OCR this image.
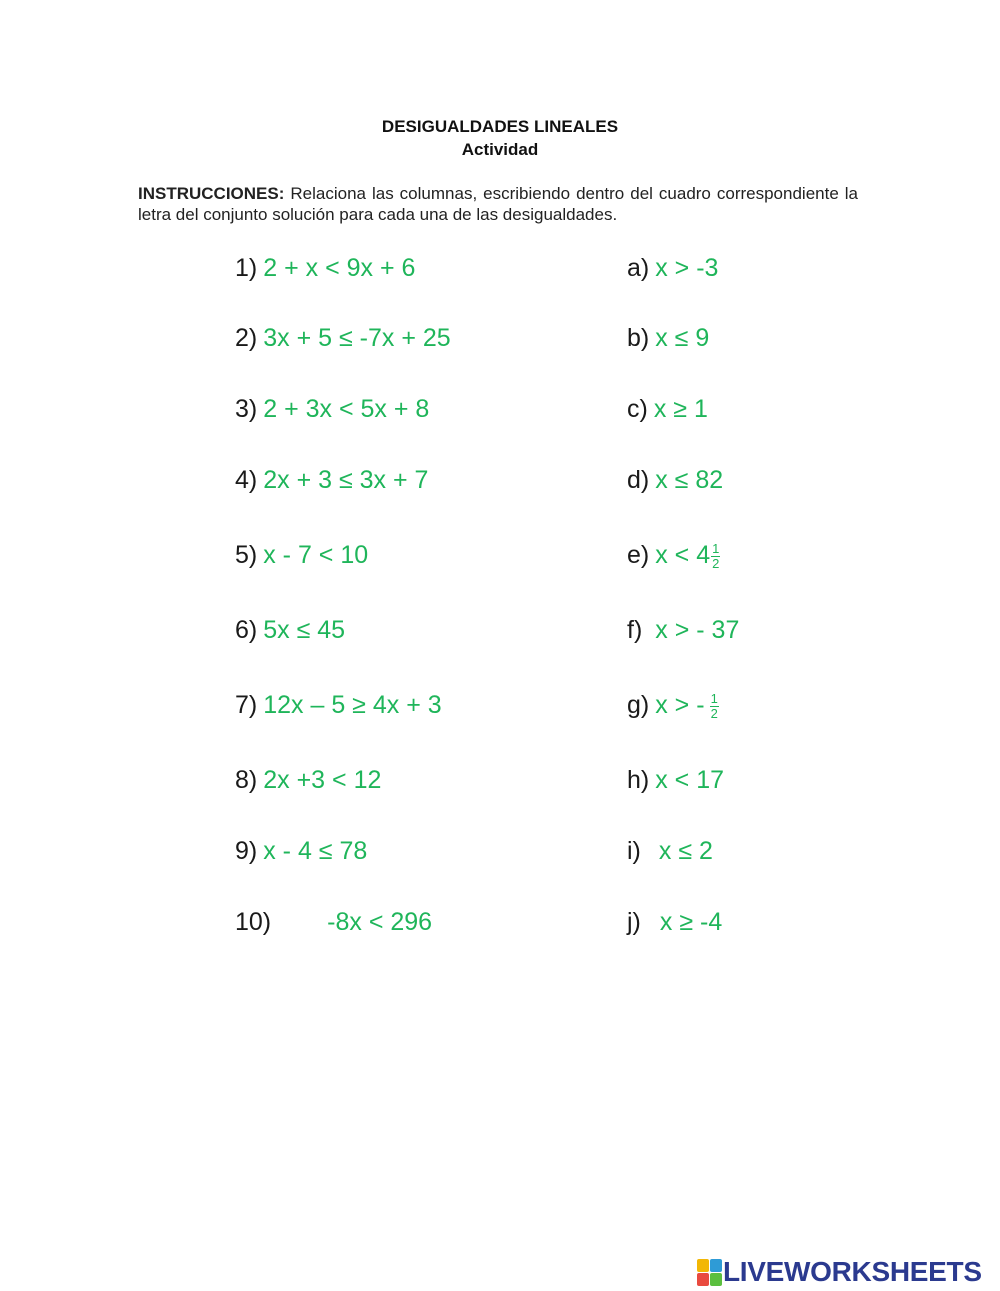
DESIGUALDADES LINEALES
Actividad
INSTRUCCIONES: Relaciona las columnas, escribiendo dentro del cuadro correspondiente la letra del conjunto solución para cada una de las desigualdades.
1) 2 + x < 9x + 6
2) 3x + 5 ≤ -7x + 25
3) 2 + 3x < 5x + 8
4) 2x + 3 ≤ 3x + 7
5) x - 7 < 10
6) 5x ≤ 45
7) 12x – 5 ≥ 4x + 3
8) 2x +3 < 12
9) x - 4 ≤ 78
10) -8x < 296
a) x > -3
b) x ≤ 9
c) x ≥ 1
d) x ≤ 82
e) $x < 4 \frac{1}{2}$
f) x > - 37
g) x > - $\frac{1}{2}$
h) x < 17
i) x ≤ 2
j) x ≥ -4
LIVEWORKSHEETS
